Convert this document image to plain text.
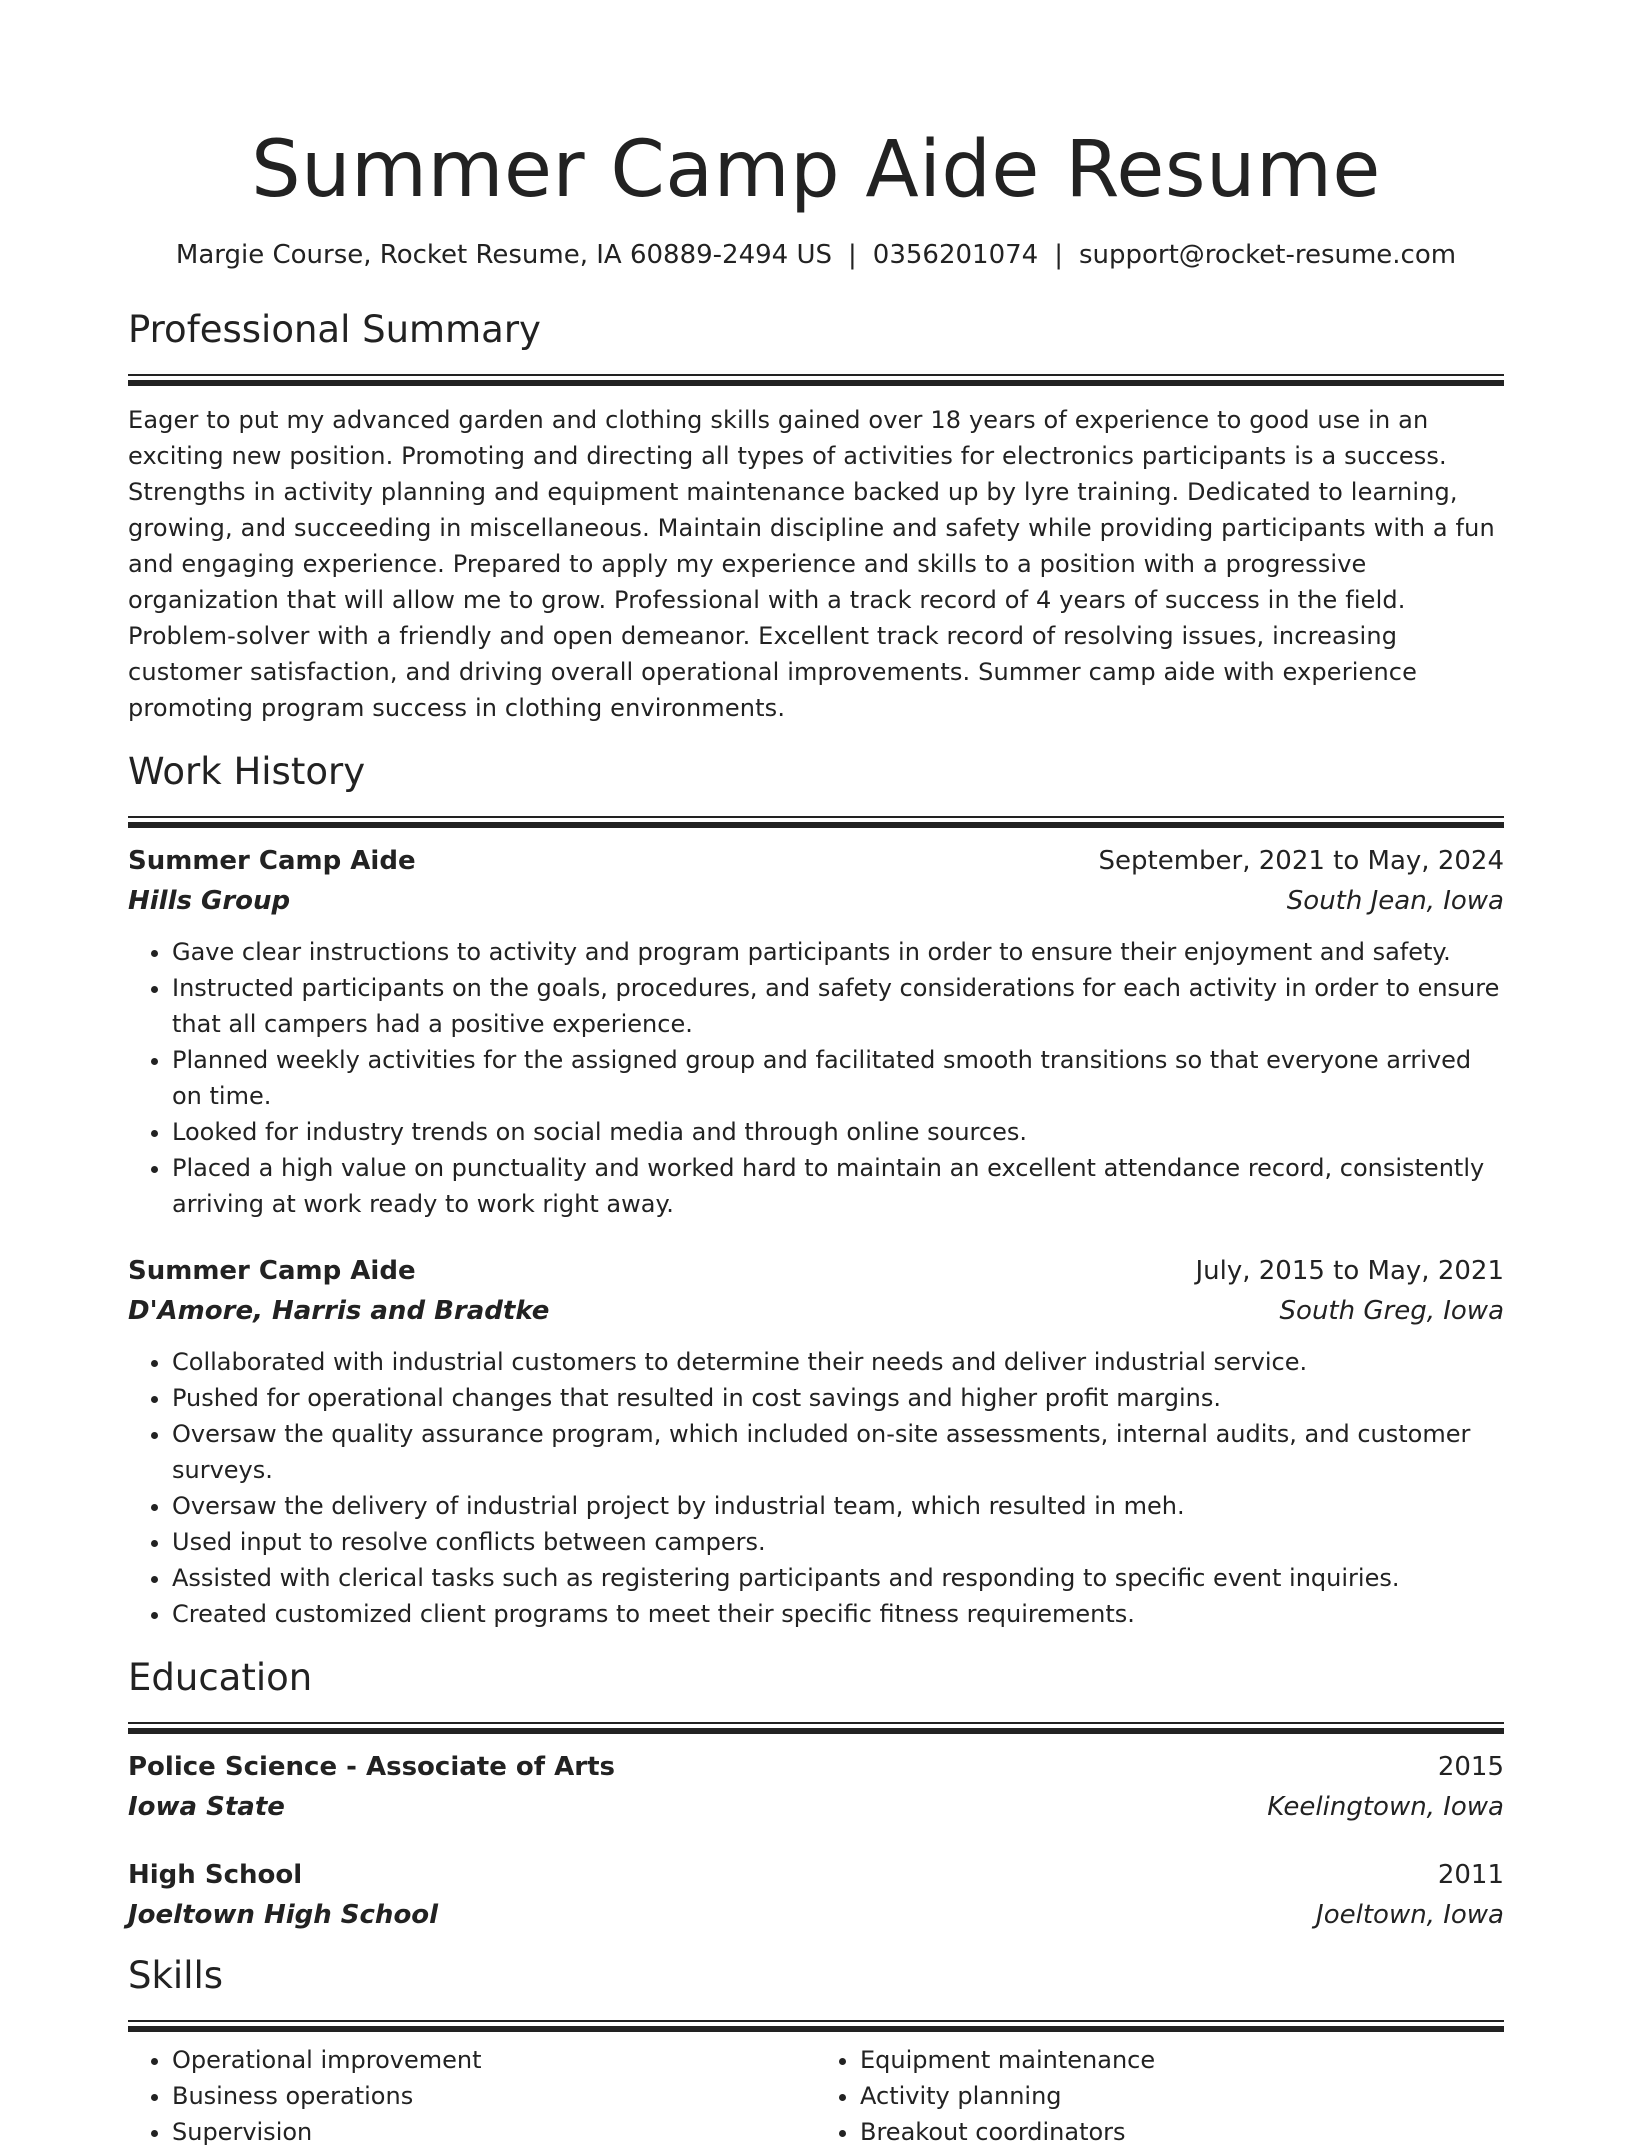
Summer Camp Aide Resume
Margie Course, Rocket Resume, IA 60889-2494 US | 0356201074 | support@rocket-resume.com
Professional Summary

Eager to put my advanced garden and clothing skills gained over 18 years of experience to good use in an exciting new position. Promoting and directing all types of activities for electronics participants is a success. Strengths in activity planning and equipment maintenance backed up by lyre training. Dedicated to learning, growing, and succeeding in miscellaneous. Maintain discipline and safety while providing participants with a fun and engaging experience. Prepared to apply my experience and skills to a position with a progressive organization that will allow me to grow. Professional with a track record of 4 years of success in the field. Problem-solver with a friendly and open demeanor. Excellent track record of resolving issues, increasing customer satisfaction, and driving overall operational improvements. Summer camp aide with experience promoting program success in clothing environments.

Work History
Summer Camp Aide	September, 2021 to May, 2024
Hills Group	South Jean, Iowa
• Gave clear instructions to activity and program participants in order to ensure their enjoyment and safety.
• Instructed participants on the goals, procedures, and safety considerations for each activity in order to ensure that all campers had a positive experience.
• Planned weekly activities for the assigned group and facilitated smooth transitions so that everyone arrived on time.
• Looked for industry trends on social media and through online sources.
• Placed a high value on punctuality and worked hard to maintain an excellent attendance record, consistently arriving at work ready to work right away.
Summer Camp Aide	July, 2015 to May, 2021
D'Amore, Harris and Bradtke	South Greg, Iowa
• Collaborated with industrial customers to determine their needs and deliver industrial service.
• Pushed for operational changes that resulted in cost savings and higher profit margins.
• Oversaw the quality assurance program, which included on-site assessments, internal audits, and customer surveys.
• Oversaw the delivery of industrial project by industrial team, which resulted in meh.
• Used input to resolve conflicts between campers.
• Assisted with clerical tasks such as registering participants and responding to specific event inquiries.
• Created customized client programs to meet their specific fitness requirements.
Education
Police Science - Associate of Arts	2015
Iowa State	Keelingtown, Iowa
High School	2011
Joeltown High School	Joeltown, Iowa
Skills
• Operational improvement
• Business operations
• Supervision
• Equipment maintenance
• Activity planning
• Breakout coordinators
